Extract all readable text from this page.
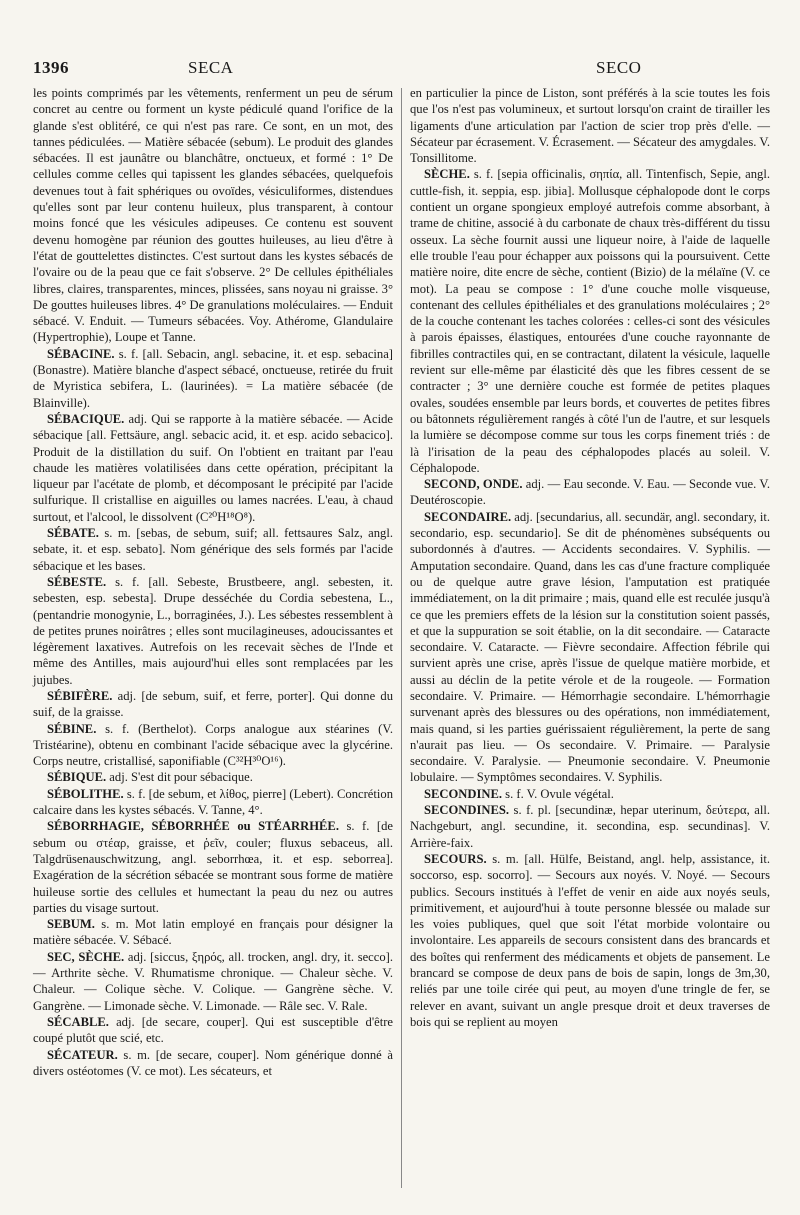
1396	SECA	SECO

les points comprimés par les vêtements, renferment un peu de sérum concret au centre ou forment un kyste pédiculé quand l'orifice de la glande s'est oblitéré, ce qui n'est pas rare. Ce sont, en un mot, des tannes pédiculées. — Matière sébacée (sebum). Le produit des glandes sébacées. Il est jaunâtre ou blanchâtre, onctueux, et formé : 1° De cellules comme celles qui tapissent les glandes sébacées, quelquefois devenues tout à fait sphériques ou ovoïdes, vésiculiformes, distendues qu'elles sont par leur contenu huileux, plus transparent, à contour moins foncé que les vésicules adipeuses. Ce contenu est souvent devenu homogène par réunion des gouttes huileuses, au lieu d'être à l'état de gouttelettes distinctes. C'est surtout dans les kystes sébacés de l'ovaire ou de la peau que ce fait s'observe. 2° De cellules épithéliales libres, claires, transparentes, minces, plissées, sans noyau ni graisse. 3° De gouttes huileuses libres. 4° De granulations moléculaires. — Enduit sébacé. V. Enduit. — Tumeurs sébacées. Voy. Athérome, Glandulaire (Hypertrophie), Loupe et Tanne.

SÉBACINE. s. f. [all. Sebacin, angl. sebacine, it. et esp. sebacina] (Bonastre). Matière blanche d'aspect sébacé, onctueuse, retirée du fruit de Myristica sebifera, L. (laurinées). = La matière sébacée (de Blainville).

SÉBACIQUE. adj. Qui se rapporte à la matière sébacée. — Acide sébacique [all. Fettsäure, angl. sebacic acid, it. et esp. acido sebacico]. Produit de la distillation du suif. On l'obtient en traitant par l'eau chaude les matières volatilisées dans cette opération, précipitant la liqueur par l'acétate de plomb, et décomposant le précipité par l'acide sulfurique. Il cristallise en aiguilles ou lames nacrées. L'eau, à chaud surtout, et l'alcool, le dissolvent (C²⁰H¹⁸O⁸).

SÉBATE. s. m. [sebas, de sebum, suif; all. fettsaures Salz, angl. sebate, it. et esp. sebato]. Nom générique des sels formés par l'acide sébacique et les bases.

SÉBESTE. s. f. [all. Sebeste, Brustbeere, angl. sebesten, it. sebesten, esp. sebesta]. Drupe desséchée du Cordia sebestena, L., (pentandrie monogynie, L., borraginées, J.). Les sébestes ressemblent à de petites prunes noirâtres ; elles sont mucilagineuses, adoucissantes et légèrement laxatives. Autrefois on les recevait sèches de l'Inde et même des Antilles, mais aujourd'hui elles sont remplacées par les jujubes.

SÉBIFÈRE. adj. [de sebum, suif, et ferre, porter]. Qui donne du suif, de la graisse.

SÉBINE. s. f. (Berthelot). Corps analogue aux stéarines (V. Tristéarine), obtenu en combinant l'acide sébacique avec la glycérine. Corps neutre, cristallisé, saponifiable (C³²H³⁰O¹⁶).

SÉBIQUE. adj. S'est dit pour sébacique.

SÉBOLITHE. s. f. [de sebum, et λίθος, pierre] (Lebert). Concrétion calcaire dans les kystes sébacés. V. Tanne, 4°.

SÉBORRHAGIE, SÉBORRHÉE ou STÉARRHÉE. s. f. [de sebum ou στέαρ, graisse, et ῥεῖν, couler; fluxus sebaceus, all. Talgdrüsenauschwitzung, angl. seborrhœa, it. et esp. seborrea]. Exagération de la sécrétion sébacée se montrant sous forme de matière huileuse sortie des cellules et humectant la peau du nez ou autres parties du visage surtout.

SEBUM. s. m. Mot latin employé en français pour désigner la matière sébacée. V. Sébacé.

SEC, SÈCHE. adj. [siccus, ξηρός, all. trocken, angl. dry, it. secco]. — Arthrite sèche. V. Rhumatisme chronique. — Chaleur sèche. V. Chaleur. — Colique sèche. V. Colique. — Gangrène sèche. V. Gangrène. — Limonade sèche. V. Limonade. — Râle sec. V. Rale.

SÉCABLE. adj. [de secare, couper]. Qui est susceptible d'être coupé plutôt que scié, etc.

SÉCATEUR. s. m. [de secare, couper]. Nom générique donné à divers ostéotomes (V. ce mot). Les sécateurs, et

en particulier la pince de Liston, sont préférés à la scie toutes les fois que l'os n'est pas volumineux, et surtout lorsqu'on craint de tirailler les ligaments d'une articulation par l'action de scier trop près d'elle. — Sécateur par écrasement. V. Écrasement. — Sécateur des amygdales. V. Tonsillitome.

SÈCHE. s. f. [sepia officinalis, σηπία, all. Tintenfisch, Sepie, angl. cuttle-fish, it. seppia, esp. jibia]. Mollusque céphalopode dont le corps contient un organe spongieux employé autrefois comme absorbant, à trame de chitine, associé à du carbonate de chaux très-différent du tissu osseux. La sèche fournit aussi une liqueur noire, à l'aide de laquelle elle trouble l'eau pour échapper aux poissons qui la poursuivent. Cette matière noire, dite encre de sèche, contient (Bizio) de la mélaïne (V. ce mot). La peau se compose : 1° d'une couche molle visqueuse, contenant des cellules épithéliales et des granulations moléculaires ; 2° de la couche contenant les taches colorées : celles-ci sont des vésicules à parois épaisses, élastiques, entourées d'une couche rayonnante de fibrilles contractiles qui, en se contractant, dilatent la vésicule, laquelle revient sur elle-même par élasticité dès que les fibres cessent de se contracter ; 3° une dernière couche est formée de petites plaques ovales, soudées ensemble par leurs bords, et couvertes de petites fibres ou bâtonnets régulièrement rangés à côté l'un de l'autre, et sur lesquels la lumière se décompose comme sur tous les corps finement triés : de là l'irisation de la peau des céphalopodes placés au soleil. V. Céphalopode.

SECOND, ONDE. adj. — Eau seconde. V. Eau. — Seconde vue. V. Deutéroscopie.

SECONDAIRE. adj. [secundarius, all. secundär, angl. secondary, it. secondario, esp. secundario]. Se dit de phénomènes subséquents ou subordonnés à d'autres. — Accidents secondaires. V. Syphilis. — Amputation secondaire. Quand, dans les cas d'une fracture compliquée ou de quelque autre grave lésion, l'amputation est pratiquée immédiatement, on la dit primaire ; mais, quand elle est reculée jusqu'à ce que les premiers effets de la lésion sur la constitution soient passés, et que la suppuration se soit établie, on la dit secondaire. — Cataracte secondaire. V. Cataracte. — Fièvre secondaire. Affection fébrile qui survient après une crise, après l'issue de quelque matière morbide, et aussi au déclin de la petite vérole et de la rougeole. — Formation secondaire. V. Primaire. — Hémorrhagie secondaire. L'hémorrhagie survenant après des blessures ou des opérations, non immédiatement, mais quand, si les parties guérissaient régulièrement, la perte de sang n'aurait pas lieu. — Os secondaire. V. Primaire. — Paralysie secondaire. V. Paralysie. — Pneumonie secondaire. V. Pneumonie lobulaire. — Symptômes secondaires. V. Syphilis.

SECONDINE. s. f. V. Ovule végétal.

SECONDINES. s. f. pl. [secundinæ, hepar uterinum, δεύτερα, all. Nachgeburt, angl. secundine, it. secondina, esp. secundinas]. V. Arrière-faix.

SECOURS. s. m. [all. Hülfe, Beistand, angl. help, assistance, it. soccorso, esp. socorro]. — Secours aux noyés. V. Noyé. — Secours publics. Secours institués à l'effet de venir en aide aux noyés seuls, primitivement, et aujourd'hui à toute personne blessée ou malade sur les voies publiques, quel que soit l'état morbide volontaire ou involontaire. Les appareils de secours consistent dans des brancards et des boîtes qui renferment des médicaments et objets de pansement. Le brancard se compose de deux pans de bois de sapin, longs de 3m,30, reliés par une toile cirée qui peut, au moyen d'une tringle de fer, se relever en avant, suivant un angle presque droit et deux traverses de bois qui se replient au moyen
